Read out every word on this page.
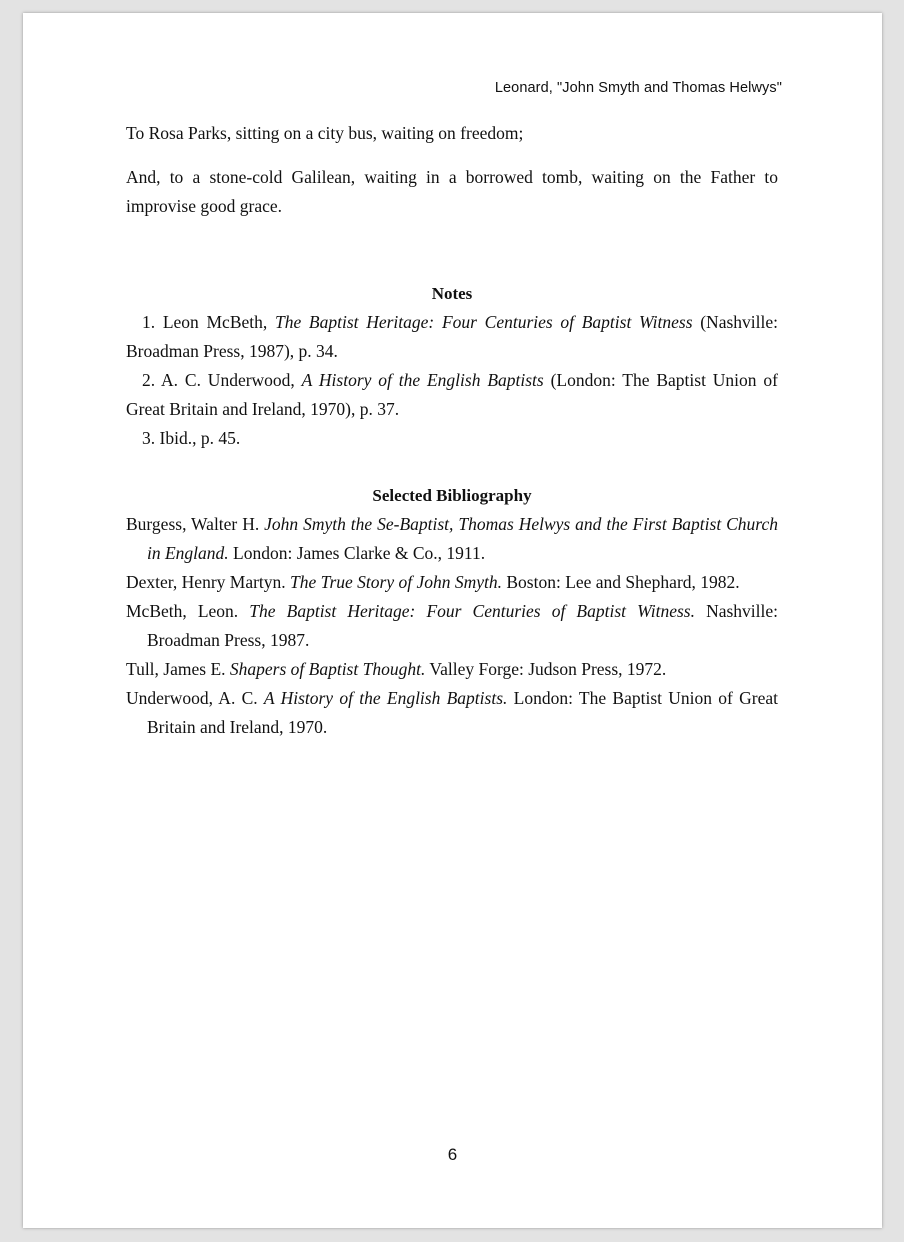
Leonard, "John Smyth and Thomas Helwys"

To Rosa Parks, sitting on a city bus, waiting on freedom;

And, to a stone-cold Galilean, waiting in a borrowed tomb, waiting on the Father to improvise good grace.

Notes

1. Leon McBeth, The Baptist Heritage: Four Centuries of Baptist Witness (Nashville: Broadman Press, 1987), p. 34.

2. A. C. Underwood, A History of the English Baptists (London: The Baptist Union of Great Britain and Ireland, 1970), p. 37.

3. Ibid., p. 45.

Selected Bibliography

Burgess, Walter H. John Smyth the Se-Baptist, Thomas Helwys and the First Baptist Church in England. London: James Clarke & Co., 1911.

Dexter, Henry Martyn. The True Story of John Smyth. Boston: Lee and Shephard, 1982.

McBeth, Leon. The Baptist Heritage: Four Centuries of Baptist Witness. Nashville: Broadman Press, 1987.

Tull, James E. Shapers of Baptist Thought. Valley Forge: Judson Press, 1972.

Underwood, A. C. A History of the English Baptists. London: The Baptist Union of Great Britain and Ireland, 1970.

6
